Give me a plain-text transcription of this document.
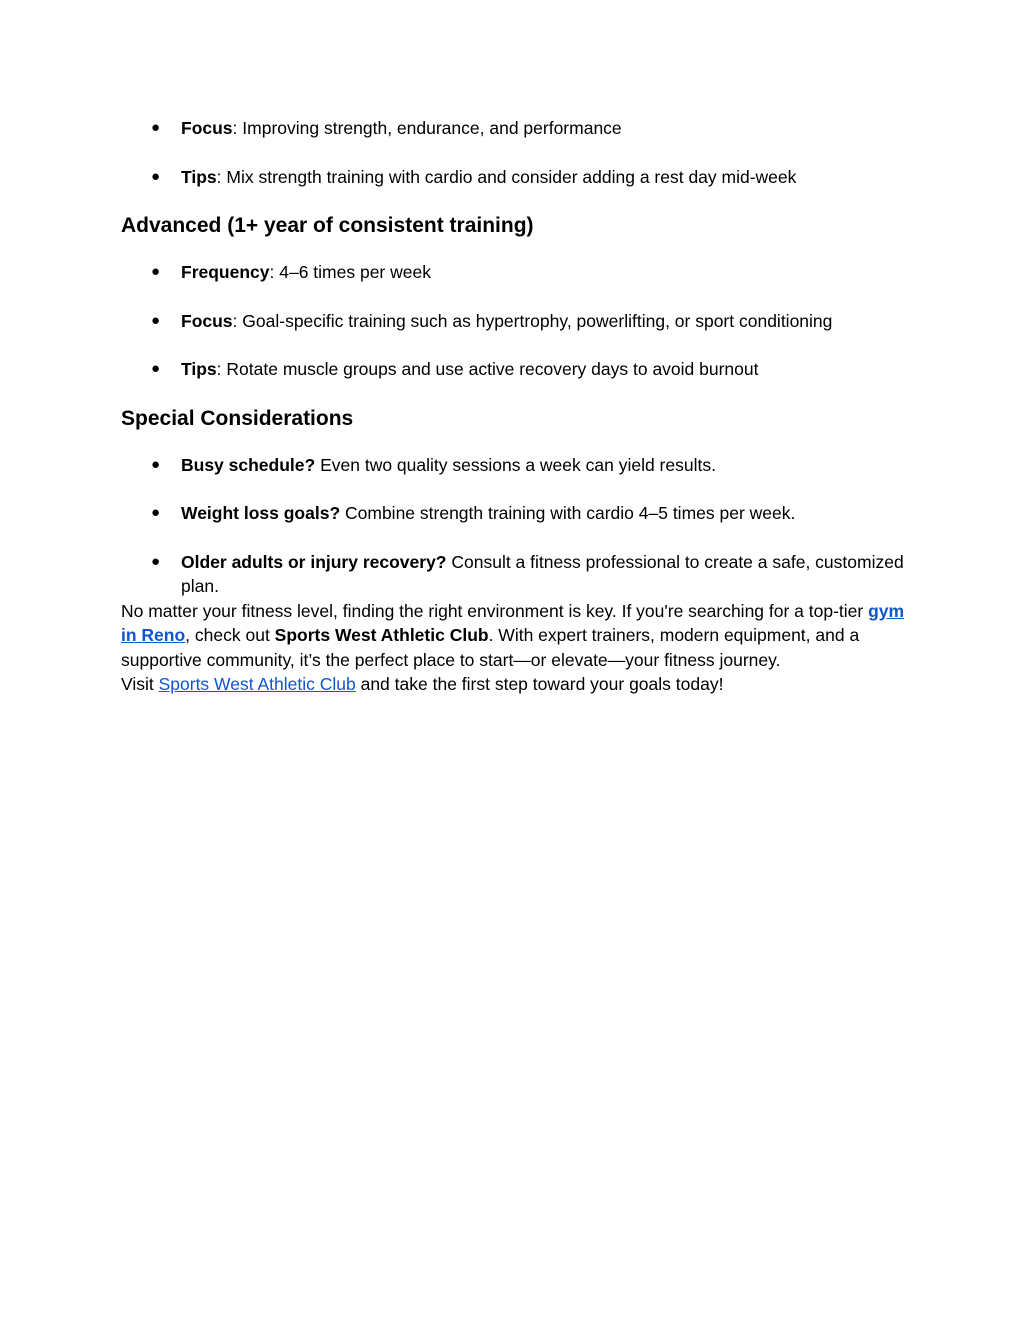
● Focus: Improving strength, endurance, and performance
● Tips: Mix strength training with cardio and consider adding a rest day mid-week
Advanced (1+ year of consistent training)
● Frequency: 4–6 times per week
● Focus: Goal-specific training such as hypertrophy, powerlifting, or sport conditioning
● Tips: Rotate muscle groups and use active recovery days to avoid burnout
Special Considerations
● Busy schedule? Even two quality sessions a week can yield results.
● Weight loss goals? Combine strength training with cardio 4–5 times per week.
● Older adults or injury recovery? Consult a fitness professional to create a safe, customized plan.

No matter your fitness level, finding the right environment is key. If you're searching for a top-tier gym in Reno, check out Sports West Athletic Club. With expert trainers, modern equipment, and a supportive community, it’s the perfect place to start—or elevate—your fitness journey.

Visit Sports West Athletic Club and take the first step toward your goals today!
